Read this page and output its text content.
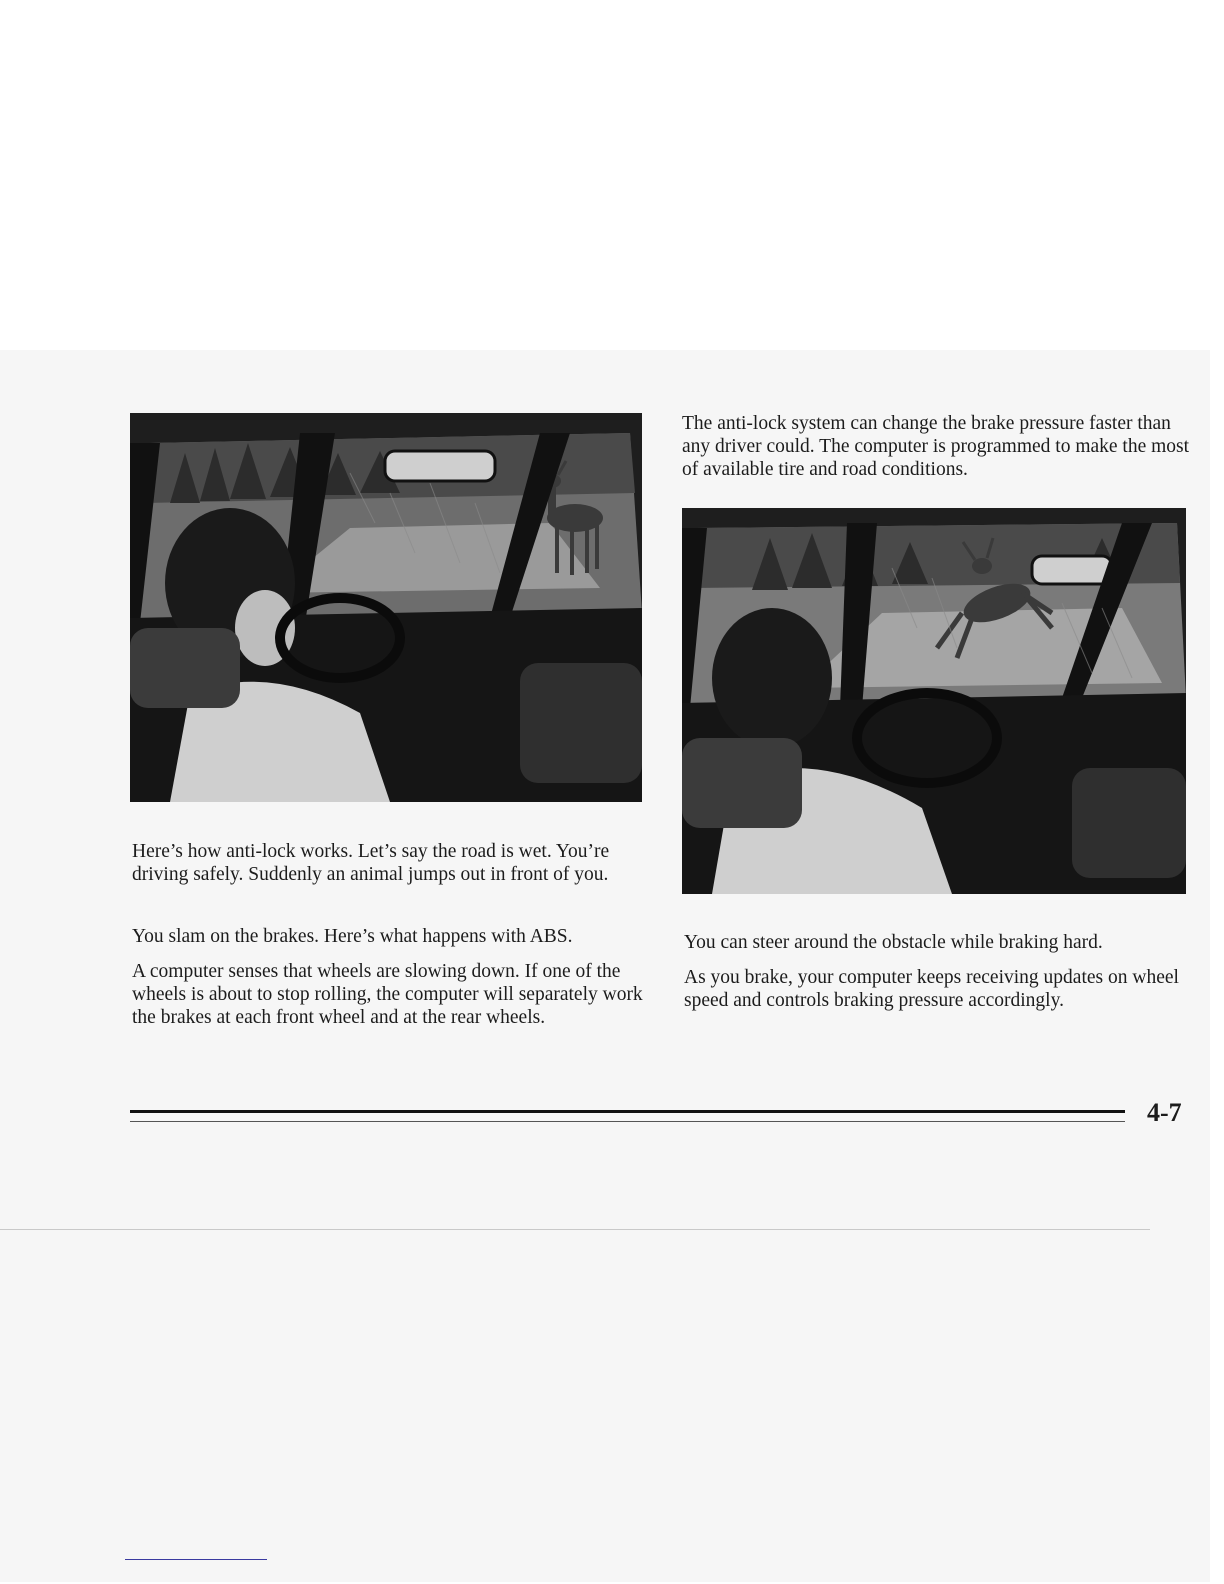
The anti-lock system can change the brake pressure faster than any driver could. The computer is programmed to make the most of available tire and road conditions.

Here’s how anti-lock works. Let’s say the road is wet. You’re driving safely. Suddenly an animal jumps out in front of you.

You slam on the brakes. Here’s what happens with ABS.

A computer senses that wheels are slowing down. If one of the wheels is about to stop rolling, the computer will separately work the brakes at each front wheel and at the rear wheels.

You can steer around the obstacle while braking hard.

As you brake, your computer keeps receiving updates on wheel speed and controls braking pressure accordingly.

4-7
